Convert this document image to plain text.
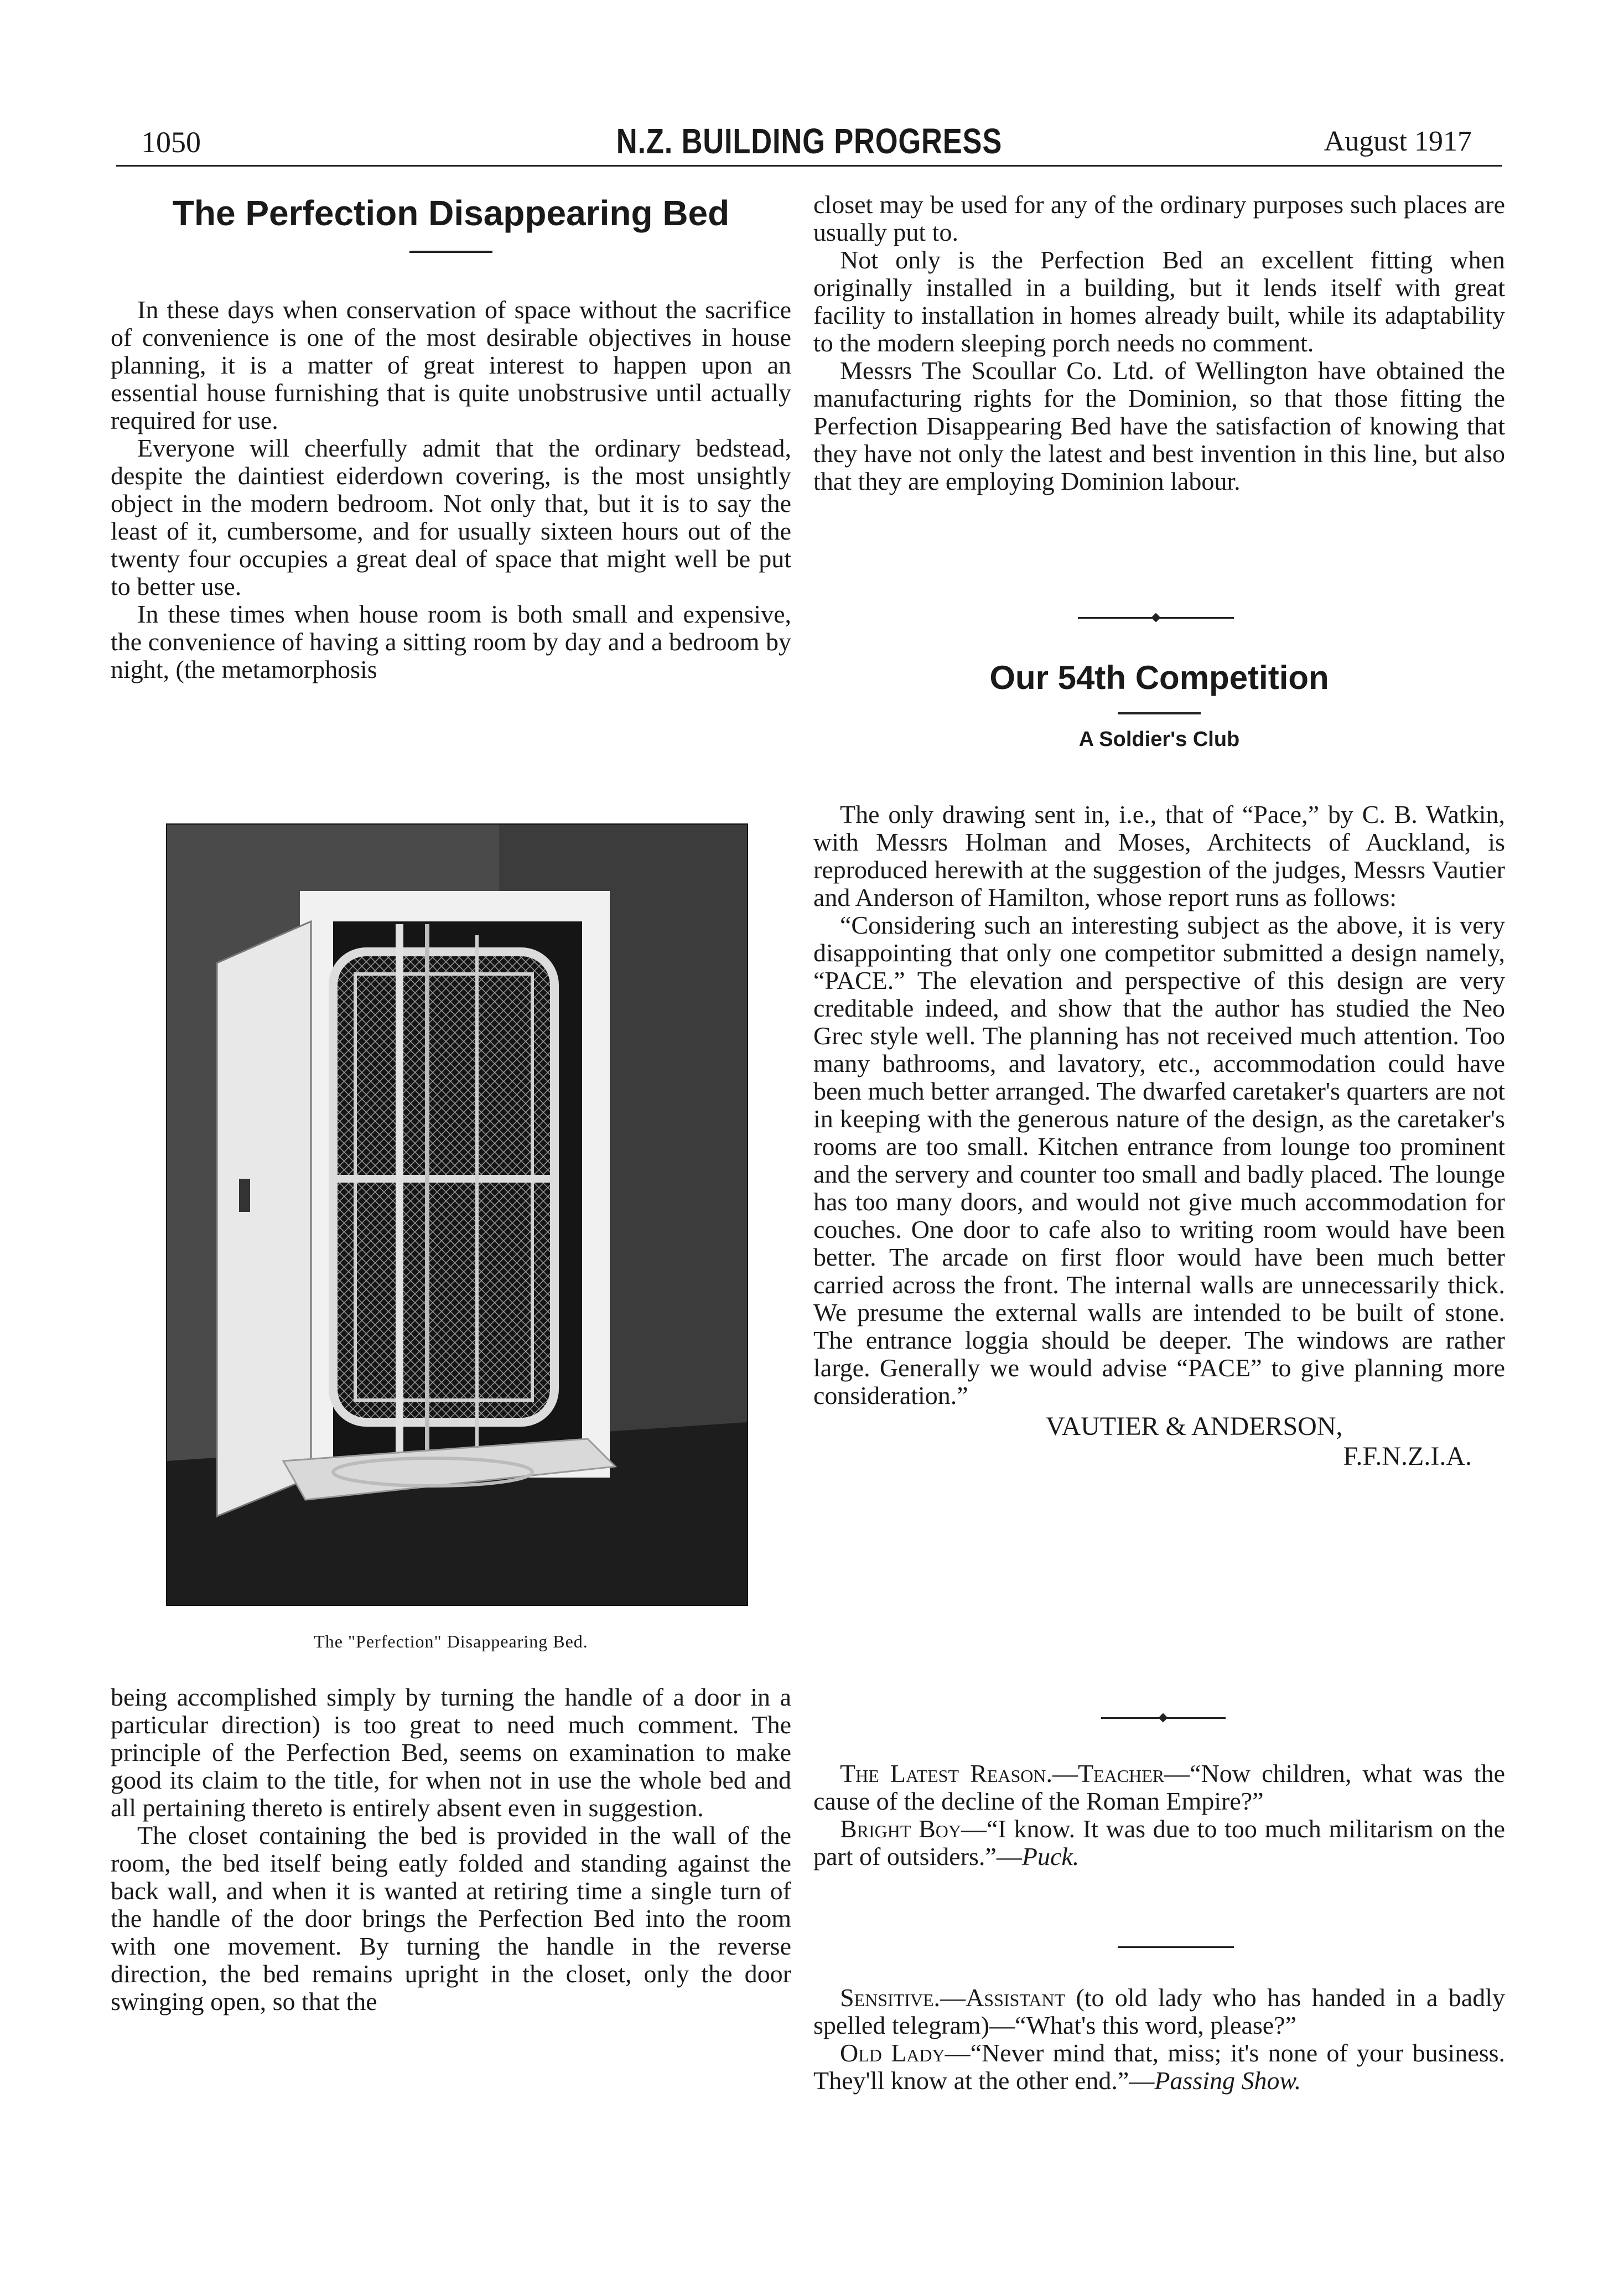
1050	N.Z. BUILDING PROGRESS	August 1917
The Perfection Disappearing Bed

In these days when conservation of space without the sacrifice of convenience is one of the most desirable objectives in house planning, it is a matter of great interest to happen upon an essential house furnishing that is quite unobstrusive until actually required for use.

Everyone will cheerfully admit that the ordinary bedstead, despite the daintiest eiderdown covering, is the most unsightly object in the modern bedroom. Not only that, but it is to say the least of it, cumbersome, and for usually sixteen hours out of the twenty four occupies a great deal of space that might well be put to better use.

In these times when house room is both small and expensive, the convenience of having a sitting room by day and a bedroom by night, (the metamorphosis

The "Perfection" Disappearing Bed.

being accomplished simply by turning the handle of a door in a particular direction) is too great to need much comment. The principle of the Perfection Bed, seems on examination to make good its claim to the title, for when not in use the whole bed and all pertaining thereto is entirely absent even in suggestion.

The closet containing the bed is provided in the wall of the room, the bed itself being eatly folded and standing against the back wall, and when it is wanted at retiring time a single turn of the handle of the door brings the Perfection Bed into the room with one movement. By turning the handle in the reverse direction, the bed remains upright in the closet, only the door swinging open, so that the

closet may be used for any of the ordinary purposes such places are usually put to.

Not only is the Perfection Bed an excellent fitting when originally installed in a building, but it lends itself with great facility to installation in homes already built, while its adaptability to the modern sleeping porch needs no comment.

Messrs The Scoullar Co. Ltd. of Wellington have obtained the manufacturing rights for the Dominion, so that those fitting the Perfection Disappearing Bed have the satisfaction of knowing that they have not only the latest and best invention in this line, but also that they are employing Dominion labour.

Our 54th Competition
A Soldier's Club

The only drawing sent in, i.e., that of “Pace,” by C. B. Watkin, with Messrs Holman and Moses, Architects of Auckland, is reproduced herewith at the suggestion of the judges, Messrs Vautier and Anderson of Hamilton, whose report runs as follows:

“Considering such an interesting subject as the above, it is very disappointing that only one competitor submitted a design namely, “PACE.” The elevation and perspective of this design are very creditable indeed, and show that the author has studied the Neo Grec style well. The planning has not received much attention. Too many bathrooms, and lavatory, etc., accommodation could have been much better arranged. The dwarfed caretaker's quarters are not in keeping with the generous nature of the design, as the caretaker's rooms are too small. Kitchen entrance from lounge too prominent and the servery and counter too small and badly placed. The lounge has too many doors, and would not give much accommodation for couches. One door to cafe also to writing room would have been better. The arcade on first floor would have been much better carried across the front. The internal walls are unnecessarily thick. We presume the external walls are intended to be built of stone. The entrance loggia should be deeper. The windows are rather large. Generally we would advise “PACE” to give planning more consideration.”

VAUTIER & ANDERSON,
F.F.N.Z.I.A.

The Latest Reason.—Teacher—“Now children, what was the cause of the decline of the Roman Empire?”

Bright Boy—“I know. It was due to too much militarism on the part of outsiders.”—Puck.

Sensitive.—Assistant (to old lady who has handed in a badly spelled telegram)—“What's this word, please?”

Old Lady—“Never mind that, miss; it's none of your business. They'll know at the other end.”—Passing Show.
